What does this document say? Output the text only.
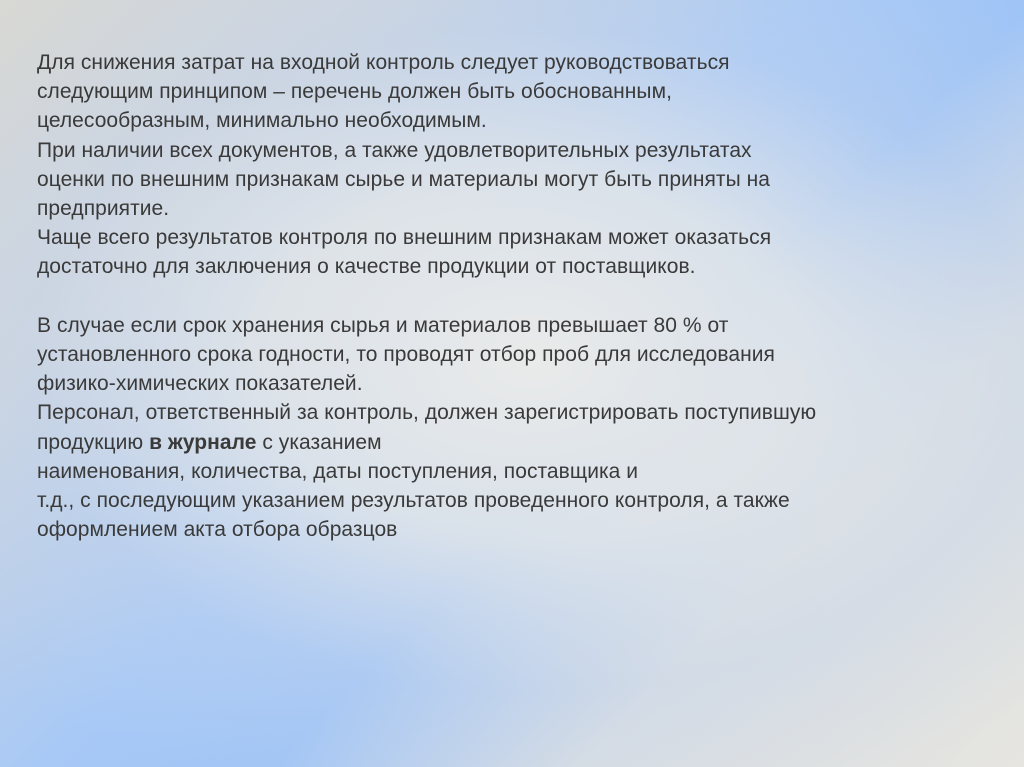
Для снижения затрат на входной контроль следует руководствоваться
следующим принципом – перечень должен быть обоснованным,
целесообразным, минимально необходимым.
При наличии всех документов, а также удовлетворительных результатах
оценки по внешним признакам сырье и материалы могут быть приняты на
предприятие.
Чаще всего результатов контроля по внешним признакам может оказаться
достаточно для заключения о качестве продукции от поставщиков.
В случае если срок хранения сырья и материалов превышает 80 % от
установленного срока годности, то проводят отбор проб для исследования
физико-химических показателей.
Персонал, ответственный за контроль, должен зарегистрировать поступившую
продукцию в журнале с указанием
наименования, количества, даты поступления, поставщика и
т.д., с последующим указанием результатов проведенного контроля, а также
оформлением акта отбора образцов
